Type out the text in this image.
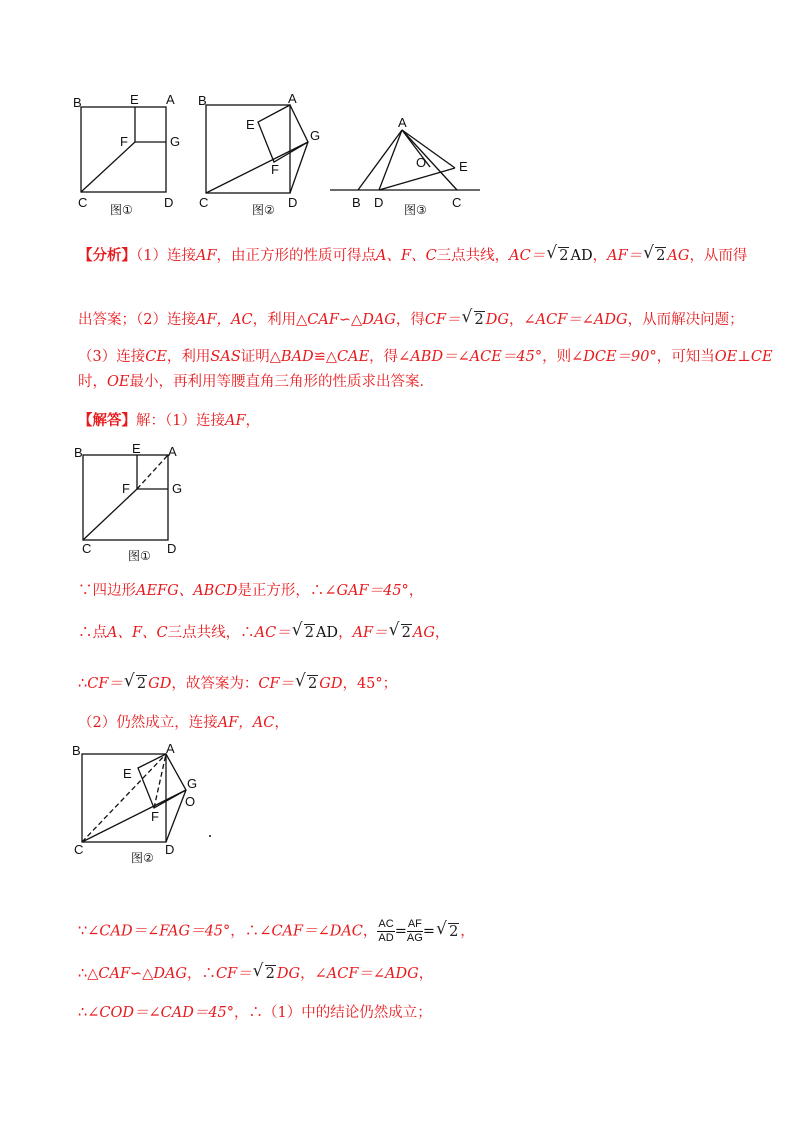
B	E A
F	G
C	D
图①
B	A
E
G
F
C	D
图②
A
O	E
B D	C
图③
【分析】（1）连接AF，由正方形的性质可得点A、F、C三点共线，AC＝ √ 2 AD，AF＝ √ 2 AG，从而得
出答案；（2）连接AF，AC，利用△CAF∽△DAG，得CF＝ √ 2 DG，∠ACF＝∠ADG，从而解决问题；
（3）连接CE，利用SAS证明△BAD≌△CAE，得∠ABD＝∠ACE＝45°，则∠DCE＝90°，可知当OE⊥CE
时，OE最小，再利用等腰直角三角形的性质求出答案．
【解答】解：（1）连接AF，
B	E A
F	G
C	D
图①
∵四边形AEFG、ABCD是正方形，∴∠GAF＝45°，
∴点A、F、C三点共线，∴AC＝ √ 2 AD，AF＝ √ 2 AG，
∴CF＝ √ 2 GD，故答案为：CF＝ √ 2 GD，45°；
（2）仍然成立，连接AF，AC，
B	A
E
G
O
F
C	D
图②
∵∠CAD＝∠FAG＝45°，∴∠CAF＝∠DAC， $\frac{AC}{AD} = \frac{AF}{AG}$ = √ 2 ，
∴△CAF∽△DAG，∴CF＝ √ 2 DG，∠ACF＝∠ADG，
∴∠COD＝∠CAD＝45°，∴（1）中的结论仍然成立；
